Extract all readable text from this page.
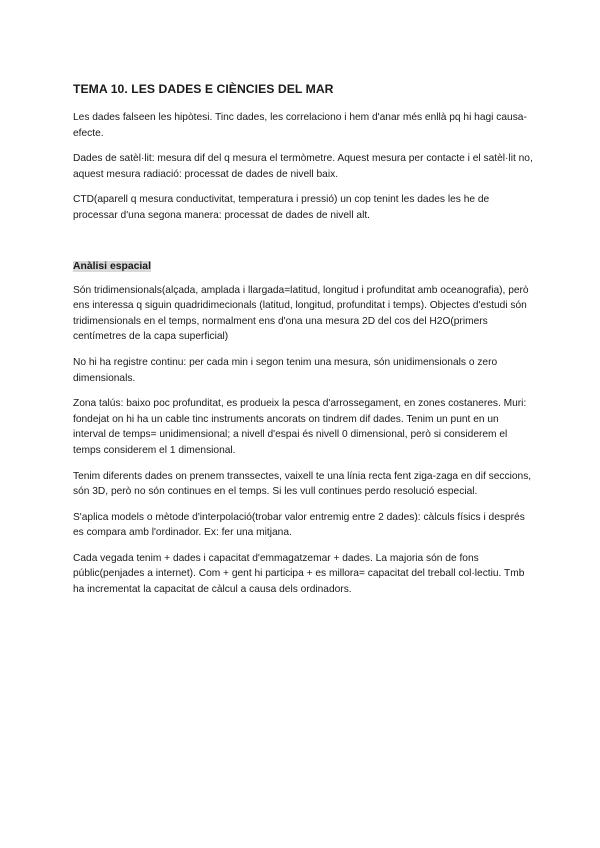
TEMA 10. LES DADES E CIÈNCIES DEL MAR

Les dades falseen les hipòtesi. Tinc dades, les correlaciono i hem d'anar més enllà pq hi hagi causa-efecte.

Dades de satèl·lit: mesura dif del q mesura el termòmetre. Aquest mesura per contacte i el satèl·lit no, aquest mesura radiació: processat de dades de nivell baix.

CTD(aparell q mesura conductivitat, temperatura i pressió) un cop tenint les dades les he de processar d'una segona manera: processat de dades de nivell alt.

Anàlisi espacial

Són tridimensionals(alçada, amplada i llargada=latitud, longitud i profunditat amb oceanografia), però ens interessa q siguin quadridimecionals (latitud, longitud, profunditat i temps). Objectes d'estudi són tridimensionals en el temps, normalment ens d'ona una mesura 2D del cos del H2O(primers centímetres de la capa superficial)

No hi ha registre continu: per cada min i segon tenim una mesura, són unidimensionals o zero dimensionals.

Zona talús: baixo poc profunditat, es produeix la pesca d'arrossegament, en zones costaneres. Muri: fondejat on hi ha un cable tinc instruments ancorats on tindrem dif dades. Tenim un punt en un interval de temps= unidimensional; a nivell d'espai és nivell 0 dimensional, però si considerem el temps considerem el 1 dimensional.

Tenim diferents dades on prenem transsectes, vaixell te una línia recta fent ziga-zaga en dif seccions, són 3D, però no són continues en el temps. Si les vull continues perdo resolució especial.

S'aplica models o mètode d'interpolació(trobar valor entremig entre 2 dades): càlculs físics i després es compara amb l'ordinador. Ex: fer una mitjana.

Cada vegada tenim + dades i capacitat d'emmagatzemar + dades. La majoria són de fons públic(penjades a internet). Com + gent hi participa + es millora= capacitat del treball col·lectiu. Tmb ha incrementat la capacitat de càlcul a causa dels ordinadors.
